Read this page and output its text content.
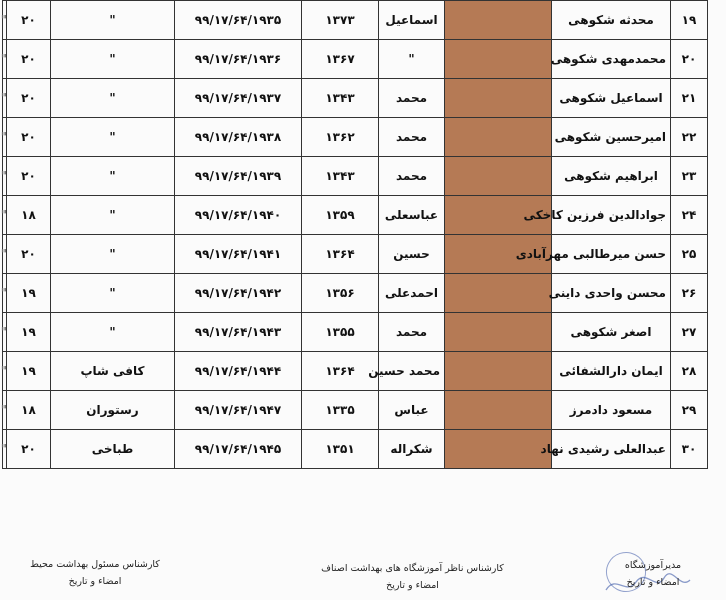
۱۹	محدثه شکوهی		اسماعیل	۱۳۷۳	۹۹/۱۷/۶۴/۱۹۳۵	"	۲۰	"
۲۰	محمدمهدی شکوهی		"	۱۳۶۷	۹۹/۱۷/۶۴/۱۹۳۶	"	۲۰	"
۲۱	اسماعیل شکوهی		محمد	۱۳۴۳	۹۹/۱۷/۶۴/۱۹۳۷	"	۲۰	"
۲۲	امیرحسین شکوهی		محمد	۱۳۶۲	۹۹/۱۷/۶۴/۱۹۳۸	"	۲۰	"
۲۳	ابراهیم شکوهی		محمد	۱۳۴۳	۹۹/۱۷/۶۴/۱۹۳۹	"	۲۰	"
۲۴	جوادالدین فرزین کاخکی		عباسعلی	۱۳۵۹	۹۹/۱۷/۶۴/۱۹۴۰	"	۱۸	"
۲۵	حسن میرطالبی مهرآبادی		حسین	۱۳۶۴	۹۹/۱۷/۶۴/۱۹۴۱	"	۲۰	"
۲۶	محسن واحدی داینی		احمدعلی	۱۳۵۶	۹۹/۱۷/۶۴/۱۹۴۲	"	۱۹	"
۲۷	اصغر شکوهی		محمد	۱۳۵۵	۹۹/۱۷/۶۴/۱۹۴۳	"	۱۹	"
۲۸	ایمان دارالشفائی		محمد حسین	۱۳۶۴	۹۹/۱۷/۶۴/۱۹۴۴	کافی شاپ	۱۹	"
۲۹	مسعود دادمرز		عباس	۱۳۳۵	۹۹/۱۷/۶۴/۱۹۴۷	رستوران	۱۸	"
۳۰	عبدالعلی رشیدی نهاد		شکراله	۱۳۵۱	۹۹/۱۷/۶۴/۱۹۴۵	طباخی	۲۰	"
کارشناس مسئول بهداشت محیط
امضاء و تاریخ
کارشناس ناظر آموزشگاه های بهداشت اصناف
امضاء و تاریخ
مدیرآموزشگاه
امضاء و تاریخ
